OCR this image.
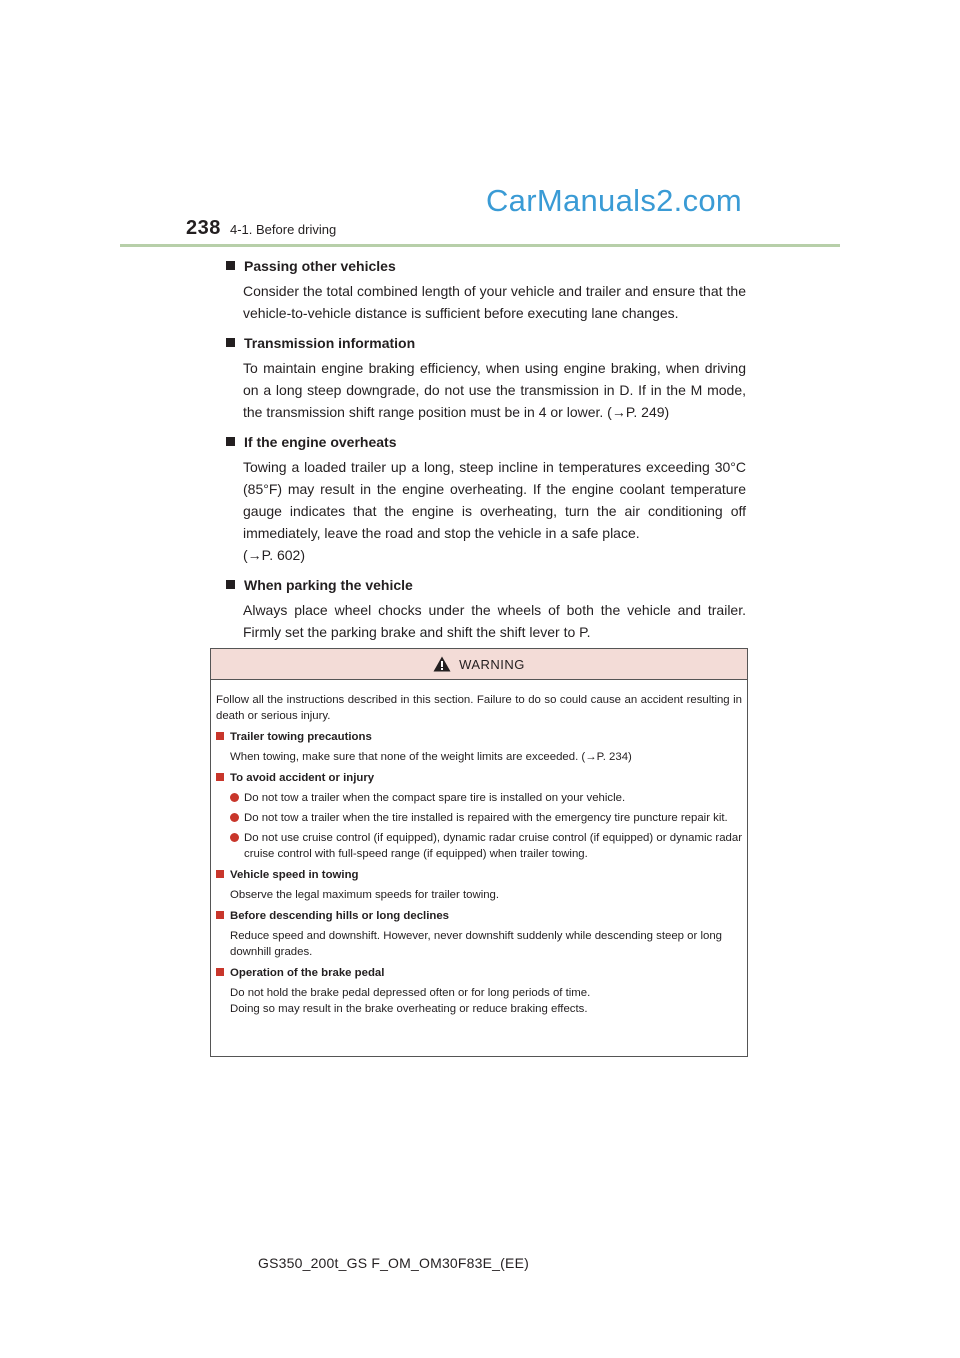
238 4-1. Before driving
CarManuals2.com
Passing other vehicles
Consider the total combined length of your vehicle and trailer and ensure that the vehicle-to-vehicle distance is sufficient before executing lane changes.
Transmission information
To maintain engine braking efficiency, when using engine braking, when driving on a long steep downgrade, do not use the transmission in D. If in the M mode, the transmission shift range position must be in 4 or lower. (→P. 249)
If the engine overheats
Towing a loaded trailer up a long, steep incline in temperatures exceeding 30°C (85°F) may result in the engine overheating. If the engine coolant temperature gauge indicates that the engine is overheating, turn the air conditioning off immediately, leave the road and stop the vehicle in a safe place.
(→P. 602)
When parking the vehicle
Always place wheel chocks under the wheels of both the vehicle and trailer. Firmly set the parking brake and shift the shift lever to P.
WARNING
Follow all the instructions described in this section. Failure to do so could cause an accident resulting in death or serious injury.
Trailer towing precautions
When towing, make sure that none of the weight limits are exceeded. (→P. 234)
To avoid accident or injury
Do not tow a trailer when the compact spare tire is installed on your vehicle.
Do not tow a trailer when the tire installed is repaired with the emergency tire puncture repair kit.
Do not use cruise control (if equipped), dynamic radar cruise control (if equipped) or dynamic radar cruise control with full-speed range (if equipped) when trailer towing.
Vehicle speed in towing
Observe the legal maximum speeds for trailer towing.
Before descending hills or long declines
Reduce speed and downshift. However, never downshift suddenly while descending steep or long downhill grades.
Operation of the brake pedal
Do not hold the brake pedal depressed often or for long periods of time.
Doing so may result in the brake overheating or reduce braking effects.
GS350_200t_GS F_OM_OM30F83E_(EE)
